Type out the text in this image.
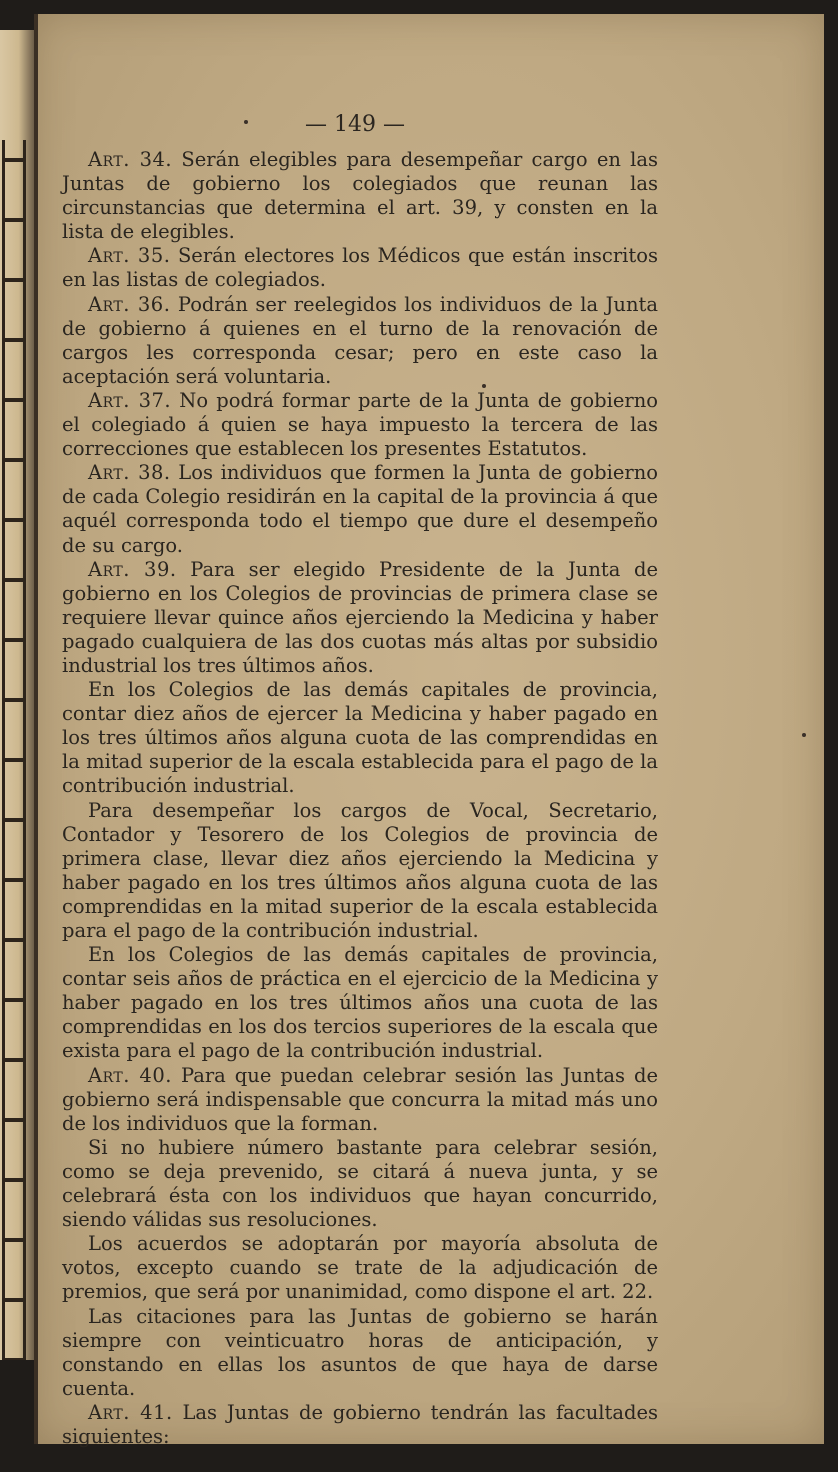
— 149 —

Art. 34. Serán elegibles para desempeñar cargo en las Juntas de gobierno los colegiados que reunan las circunstancias que determina el art. 39, y consten en la lista de elegibles.

Art. 35. Serán electores los Médicos que están inscritos en las listas de colegiados.

Art. 36. Podrán ser reelegidos los individuos de la Junta de gobierno á quienes en el turno de la renovación de cargos les corresponda cesar; pero en este caso la aceptación será voluntaria.

Art. 37. No podrá formar parte de la Junta de gobierno el colegiado á quien se haya impuesto la tercera de las correcciones que establecen los presentes Estatutos.

Art. 38. Los individuos que formen la Junta de gobierno de cada Colegio residirán en la capital de la provincia á que aquél corresponda todo el tiempo que dure el desempeño de su cargo.

Art. 39. Para ser elegido Presidente de la Junta de gobierno en los Colegios de provincias de primera clase se requiere llevar quince años ejerciendo la Medicina y haber pagado cualquiera de las dos cuotas más altas por subsidio industrial los tres últimos años.

En los Colegios de las demás capitales de provincia, contar diez años de ejercer la Medicina y haber pagado en los tres últimos años alguna cuota de las comprendidas en la mitad superior de la escala establecida para el pago de la contribución industrial.

Para desempeñar los cargos de Vocal, Secretario, Contador y Tesorero de los Colegios de provincia de primera clase, llevar diez años ejerciendo la Medicina y haber pagado en los tres últimos años alguna cuota de las comprendidas en la mitad superior de la escala establecida para el pago de la contribución industrial.

En los Colegios de las demás capitales de provincia, contar seis años de práctica en el ejercicio de la Medicina y haber pagado en los tres últimos años una cuota de las comprendidas en los dos tercios superiores de la escala que exista para el pago de la contribución industrial.

Art. 40. Para que puedan celebrar sesión las Juntas de gobierno será indispensable que concurra la mitad más uno de los individuos que la forman.

Si no hubiere número bastante para celebrar sesión, como se deja prevenido, se citará á nueva junta, y se celebrará ésta con los individuos que hayan concurrido, siendo válidas sus resoluciones.

Los acuerdos se adoptarán por mayoría absoluta de votos, excepto cuando se trate de la adjudicación de premios, que será por unanimidad, como dispone el art. 22.

Las citaciones para las Juntas de gobierno se harán siempre con veinticuatro horas de anticipación, y constando en ellas los asuntos de que haya de darse cuenta.

Art. 41. Las Juntas de gobierno tendrán las facultades siguientes:
